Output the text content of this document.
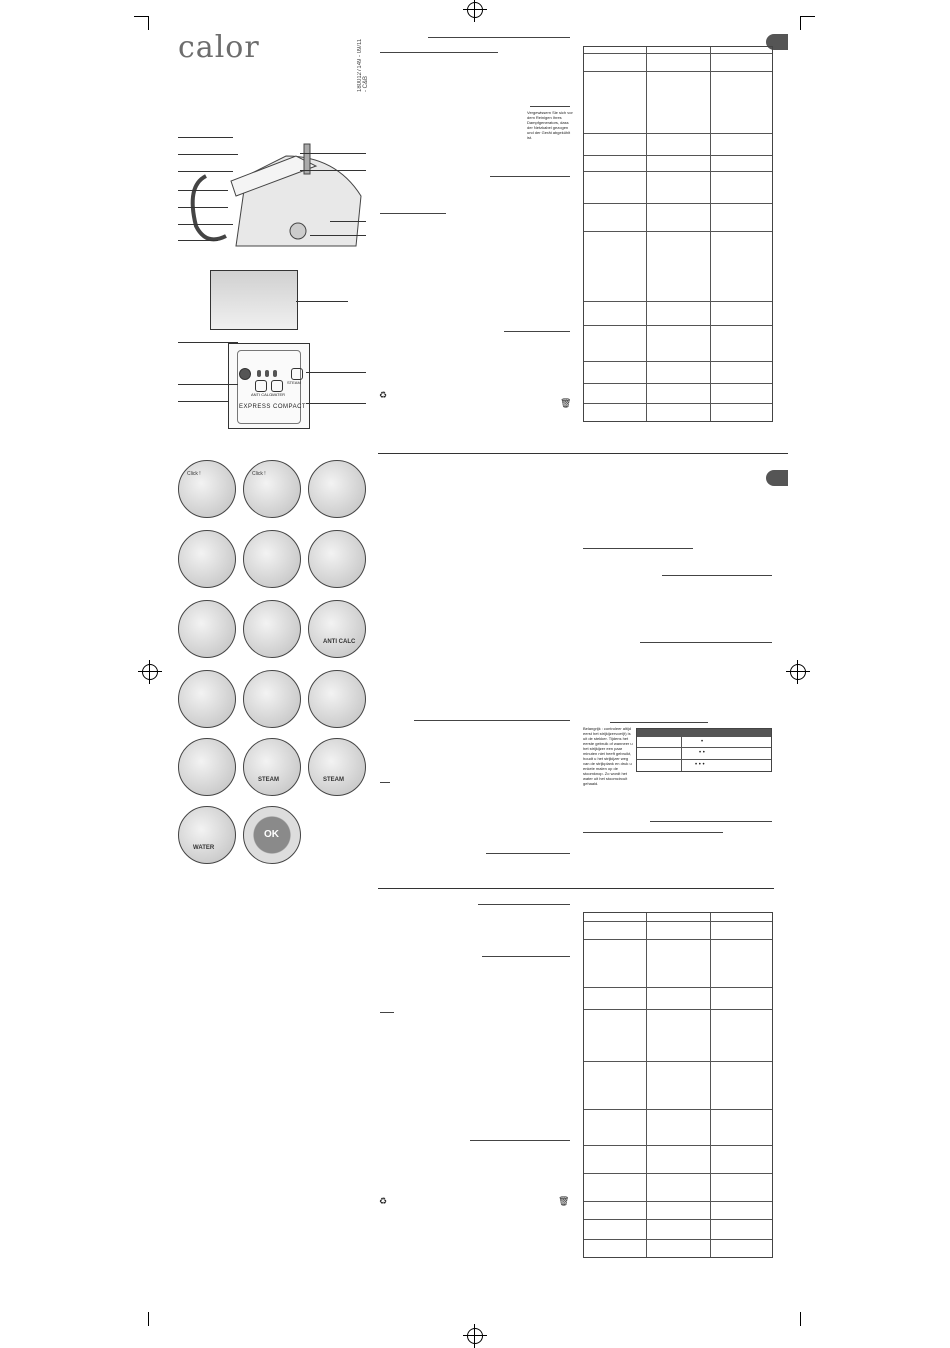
calor	1800127149 - 09/11 - C&B
STEAM
ANTI CALC WATER
EXPRESS COMPACT
Click !	Click !
ANTI CALC
STEAM	STEAM
WATER
OK
Vergewissern Sie sich vor dem Reinigen Ihres Dampfgenerators, dass der Netzkabel gezogen und der Gerät abgekühlt ist.
♻
🗑
Belangrijk : controleer altijd eerst het strijkijzervoet(t) is uit de stekker. Tijdens het eerste gebruik of wanneer u het strijkijzer een paar minuten niet heeft gebruikt, houdt u het strijkijzer weg van de strijkplank en druk u enkele malen op de stoomknop. Zo wordt het water uit het stoomcircuit gehaald.
•
• •
• • •
♻	🗑
